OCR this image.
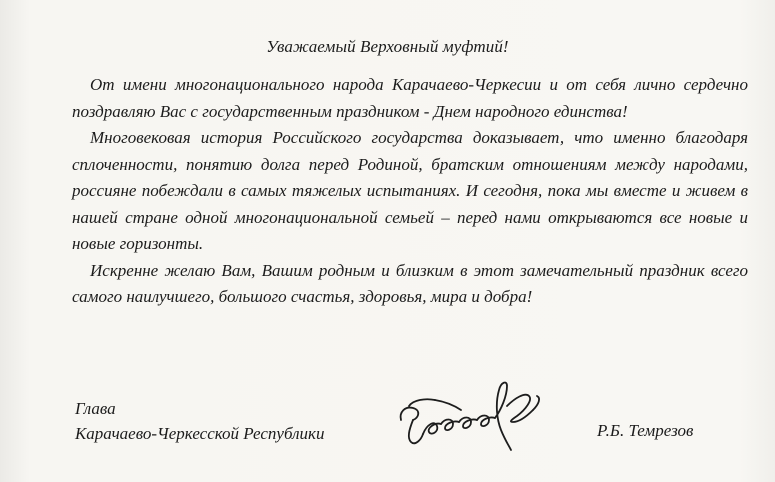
Уважаемый Верховный муфтий!

От имени многонационального народа Карачаево-Черкесии и от себя лично сердечно поздравляю Вас с государственным праздником - Днем народного единства!

Многовековая история Российского государства доказывает, что именно благодаря сплоченности, понятию долга перед Родиной, братским отношениям между народами, россияне побеждали в самых тяжелых испытаниях. И сегодня, пока мы вместе и живем в нашей стране одной многонациональной семьей – перед нами открываются все новые и новые горизонты.

Искренне желаю Вам, Вашим родным и близким в этот замечательный праздник всего самого наилучшего, большого счастья, здоровья, мира и добра!

Глава
Карачаево-Черкесской Республики	Р.Б. Темрезов
